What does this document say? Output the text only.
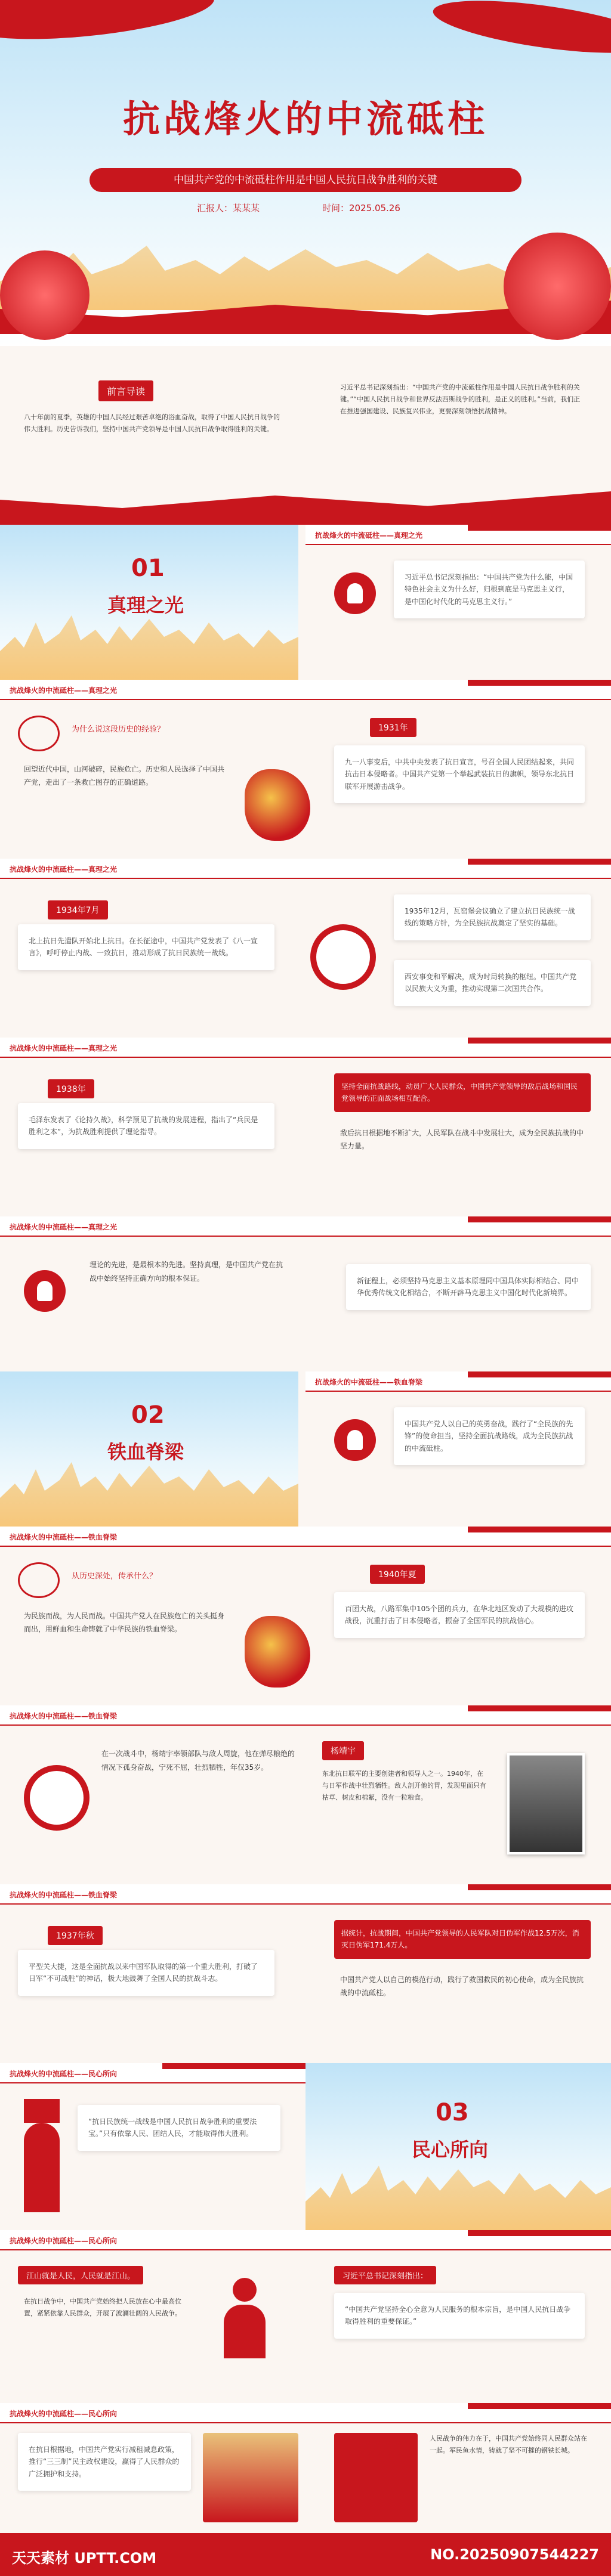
抗战烽火的中流砥柱
中国共产党的中流砥柱作用是中国人民抗日战争胜利的关键
汇报人：某某某	时间：2025.05.26
前言导读
八十年前的夏季，英雄的中国人民经过艰苦卓绝的浴血奋战，取得了中国人民抗日战争的伟大胜利。历史告诉我们，坚持中国共产党领导是中国人民抗日战争取得胜利的关键。
习近平总书记深刻指出：“中国共产党的中流砥柱作用是中国人民抗日战争胜利的关键。”“中国人民抗日战争和世界反法西斯战争的胜利，是正义的胜利。”当前，我们正在推进强国建设、民族复兴伟业，更要深刻领悟抗战精神。
抗战烽火的中流砥柱——真理之光
01
真理之光
习近平总书记深刻指出：“中国共产党为什么能，中国特色社会主义为什么好，归根到底是马克思主义行，是中国化时代化的马克思主义行。”
抗战烽火的中流砥柱——真理之光
为什么说这段历史的经验？
回望近代中国，山河破碎，民族危亡。历史和人民选择了中国共产党，走出了一条救亡图存的正确道路。
1931年
九一八事变后，中共中央发表了抗日宣言，号召全国人民团结起来，共同抗击日本侵略者。中国共产党第一个举起武装抗日的旗帜，领导东北抗日联军开展游击战争。
抗战烽火的中流砥柱——真理之光
1934年7月
北上抗日先遣队开始北上抗日。在长征途中，中国共产党发表了《八一宣言》，呼吁停止内战、一致抗日，推动形成了抗日民族统一战线。
1935年12月，瓦窑堡会议确立了建立抗日民族统一战线的策略方针，为全民族抗战奠定了坚实的基础。
西安事变和平解决，成为时局转换的枢纽。中国共产党以民族大义为重，推动实现第二次国共合作。
抗战烽火的中流砥柱——真理之光
1938年
毛泽东发表了《论持久战》，科学预见了抗战的发展进程，指出了“兵民是胜利之本”，为抗战胜利提供了理论指导。
坚持全面抗战路线，动员广大人民群众，中国共产党领导的敌后战场和国民党领导的正面战场相互配合。
敌后抗日根据地不断扩大，人民军队在战斗中发展壮大，成为全民族抗战的中坚力量。
抗战烽火的中流砥柱——真理之光
理论的先进，是最根本的先进。坚持真理，是中国共产党在抗战中始终坚持正确方向的根本保证。	新征程上，必须坚持马克思主义基本原理同中国具体实际相结合、同中华优秀传统文化相结合，不断开辟马克思主义中国化时代化新境界。
抗战烽火的中流砥柱——铁血脊梁
02
铁血脊梁
中国共产党人以自己的英勇奋战，践行了“全民族的先锋”的使命担当，坚持全面抗战路线，成为全民族抗战的中流砥柱。
抗战烽火的中流砥柱——铁血脊梁
从历史深处，传承什么？
为民族而战，为人民而战。中国共产党人在民族危亡的关头挺身而出，用鲜血和生命铸就了中华民族的铁血脊梁。
1940年夏
百团大战，八路军集中105个团的兵力，在华北地区发动了大规模的进攻战役，沉重打击了日本侵略者，振奋了全国军民的抗战信心。
抗战烽火的中流砥柱——铁血脊梁
在一次战斗中，杨靖宇率领部队与敌人周旋，他在弹尽粮绝的情况下孤身奋战，宁死不屈，壮烈牺牲，年仅35岁。
杨靖宇
东北抗日联军的主要创建者和领导人之一。1940年，在与日军作战中壮烈牺牲。敌人剖开他的胃，发现里面只有枯草、树皮和棉絮，没有一粒粮食。
抗战烽火的中流砥柱——铁血脊梁
1937年秋
平型关大捷，这是全面抗战以来中国军队取得的第一个重大胜利，打破了日军“不可战胜”的神话，极大地鼓舞了全国人民的抗战斗志。
据统计，抗战期间，中国共产党领导的人民军队对日伪军作战12.5万次，消灭日伪军171.4万人。
中国共产党人以自己的模范行动，践行了救国救民的初心使命，成为全民族抗战的中流砥柱。
抗战烽火的中流砥柱——民心所向
“抗日民族统一战线是中国人民抗日战争胜利的重要法宝。”只有依靠人民、团结人民，才能取得伟大胜利。
03
民心所向
抗战烽火的中流砥柱——民心所向
江山就是人民，人民就是江山。
在抗日战争中，中国共产党始终把人民放在心中最高位置，紧紧依靠人民群众，开展了波澜壮阔的人民战争。
习近平总书记深刻指出：
“中国共产党坚持全心全意为人民服务的根本宗旨，是中国人民抗日战争取得胜利的重要保证。”
抗战烽火的中流砥柱——民心所向
在抗日根据地，中国共产党实行减租减息政策，推行“三三制”民主政权建设，赢得了人民群众的广泛拥护和支持。
人民战争的伟力在于，中国共产党始终同人民群众站在一起。军民鱼水情，铸就了坚不可摧的钢铁长城。
天天素材 UPTT.COM	NO.20250907544227
